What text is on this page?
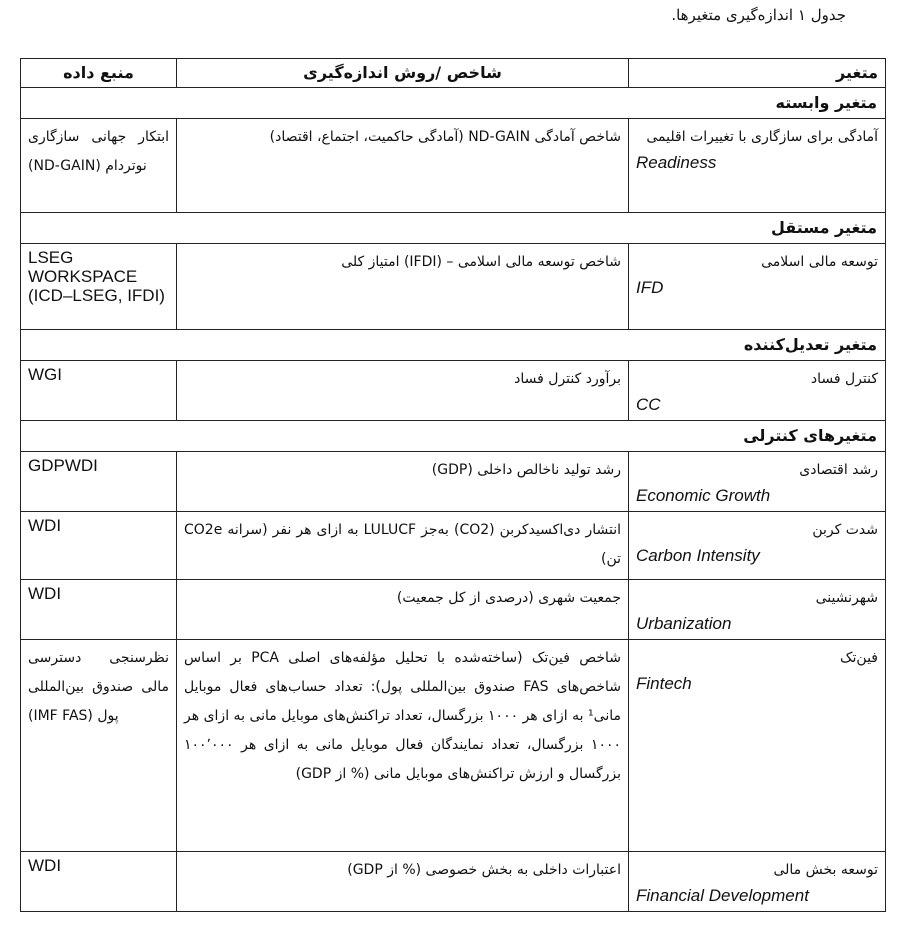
جدول ۱ اندازه‌گیری متغیرها.
متغیر	شاخص /روش اندازه‌گیری	منبع داده
متغیر وابسته		

آمادگی برای سازگاری با تغییرات اقلیمی
Readiness	شاخص آمادگی ND-GAIN (آمادگی حاکمیت، اجتماع، اقتصاد)	ابتکار جهانی سازگاری نوتردام (ND-GAIN)

متغیر مستقل		

توسعه مالی اسلامی
IFD	شاخص توسعه مالی اسلامی – (IFDI) امتیاز کلی	LSEG WORKSPACE (ICD–LSEG, IFDI)

متغیر تعدیل‌کننده		

کنترل فساد
CC	برآورد کنترل فساد	WGI

متغیرهای کنترلی		

رشد اقتصادی
Economic Growth	رشد تولید ناخالص داخلی (GDP)	GDPWDI

شدت کربن
Carbon Intensity	انتشار دی‌اکسیدکربن (CO2) به‌جز LULUCF به ازای هر نفر (سرانه CO2e تن)	WDI

شهرنشینی
Urbanization	جمعیت شهری (درصدی از کل جمعیت)	WDI

فین‌تک
Fintech	شاخص فین‌تک (ساخته‌شده با تحلیل مؤلفه‌های اصلی PCA بر اساس شاخص‌های FAS صندوق بین‌المللی پول): تعداد حساب‌های فعال موبایل مانی¹ به ازای هر ۱۰۰۰ بزرگسال، تعداد تراکنش‌های موبایل مانی به ازای هر ۱۰۰۰ بزرگسال، تعداد نمایندگان فعال موبایل مانی به ازای هر ۱۰۰٬۰۰۰ بزرگسال و ارزش تراکنش‌های موبایل مانی (% از GDP)	نظرسنجی دسترسی مالی صندوق بین‌المللی پول (IMF FAS)

توسعه بخش مالی
Financial Development	اعتبارات داخلی به بخش خصوصی (% از GDP)	WDI
